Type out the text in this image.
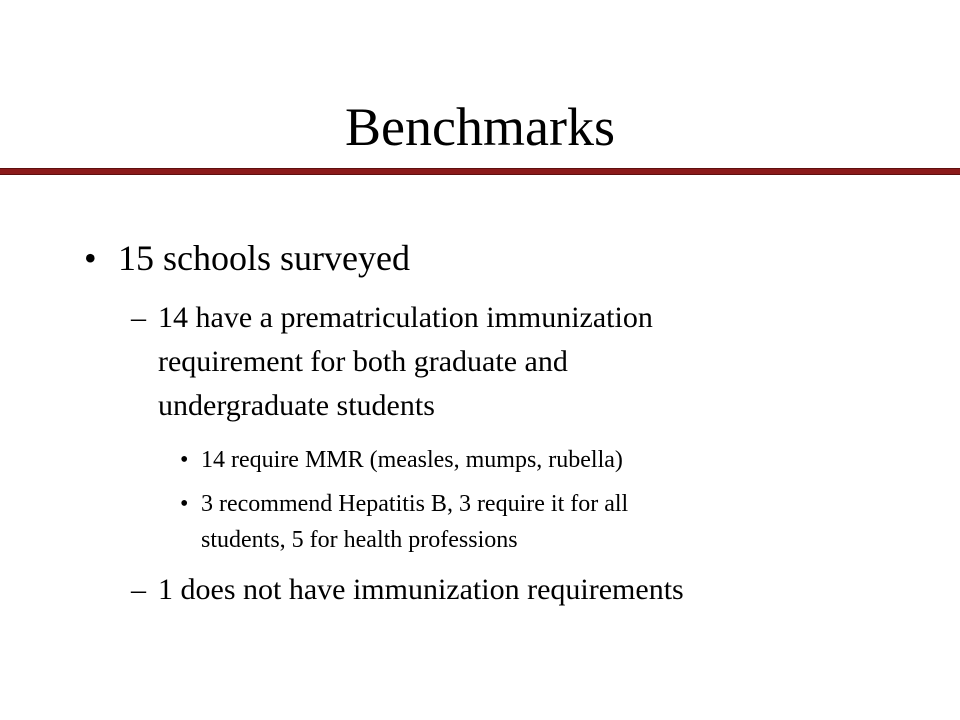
Benchmarks
• 15 schools surveyed
– 14 have a prematriculation immunization
requirement for both graduate and
undergraduate students
• 14 require MMR (measles, mumps, rubella)
• 3 recommend Hepatitis B, 3 require it for all
students, 5 for health professions
– 1 does not have immunization requirements
